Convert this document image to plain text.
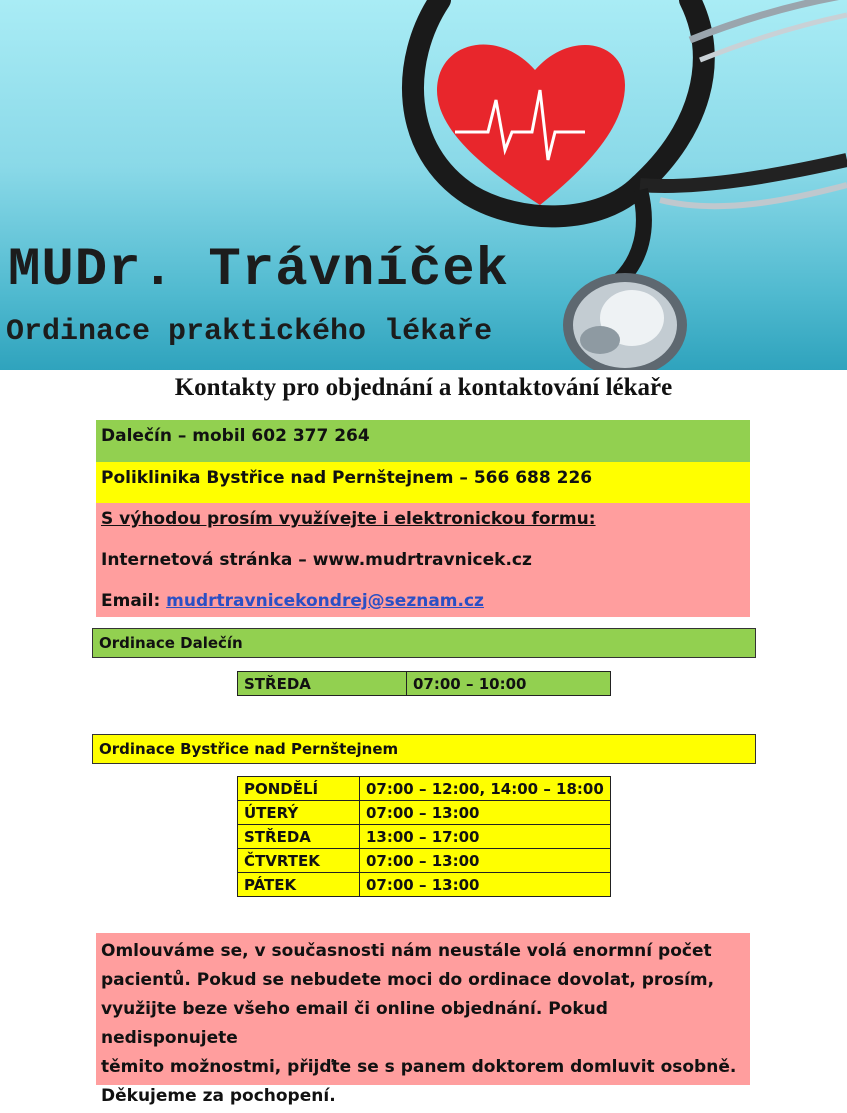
MUDr. Trávníček
Ordinace praktického lékaře
Kontakty pro objednání a kontaktování lékaře
Dalečín – mobil 602 377 264
Poliklinika Bystřice nad Pernštejnem – 566 688 226
S výhodou prosím využívejte i elektronickou formu:
Internetová stránka – www.mudrtravnicek.cz
Email: mudrtravnicekondrej@seznam.cz
Ordinace Dalečín
STŘEDA	07:00 – 10:00
Ordinace Bystřice nad Pernštejnem
PONDĚLÍ	07:00 – 12:00, 14:00 – 18:00
ÚTERÝ	07:00 – 13:00
STŘEDA	13:00 – 17:00
ČTVRTEK	07:00 – 13:00
PÁTEK	07:00 – 13:00
Omlouváme se, v současnosti nám neustále volá enormní počet
pacientů. Pokud se nebudete moci do ordinace dovolat, prosím,
využijte beze všeho email či online objednání. Pokud nedisponujete
těmito možnostmi, přijďte se s panem doktorem domluvit osobně.
Děkujeme za pochopení.
